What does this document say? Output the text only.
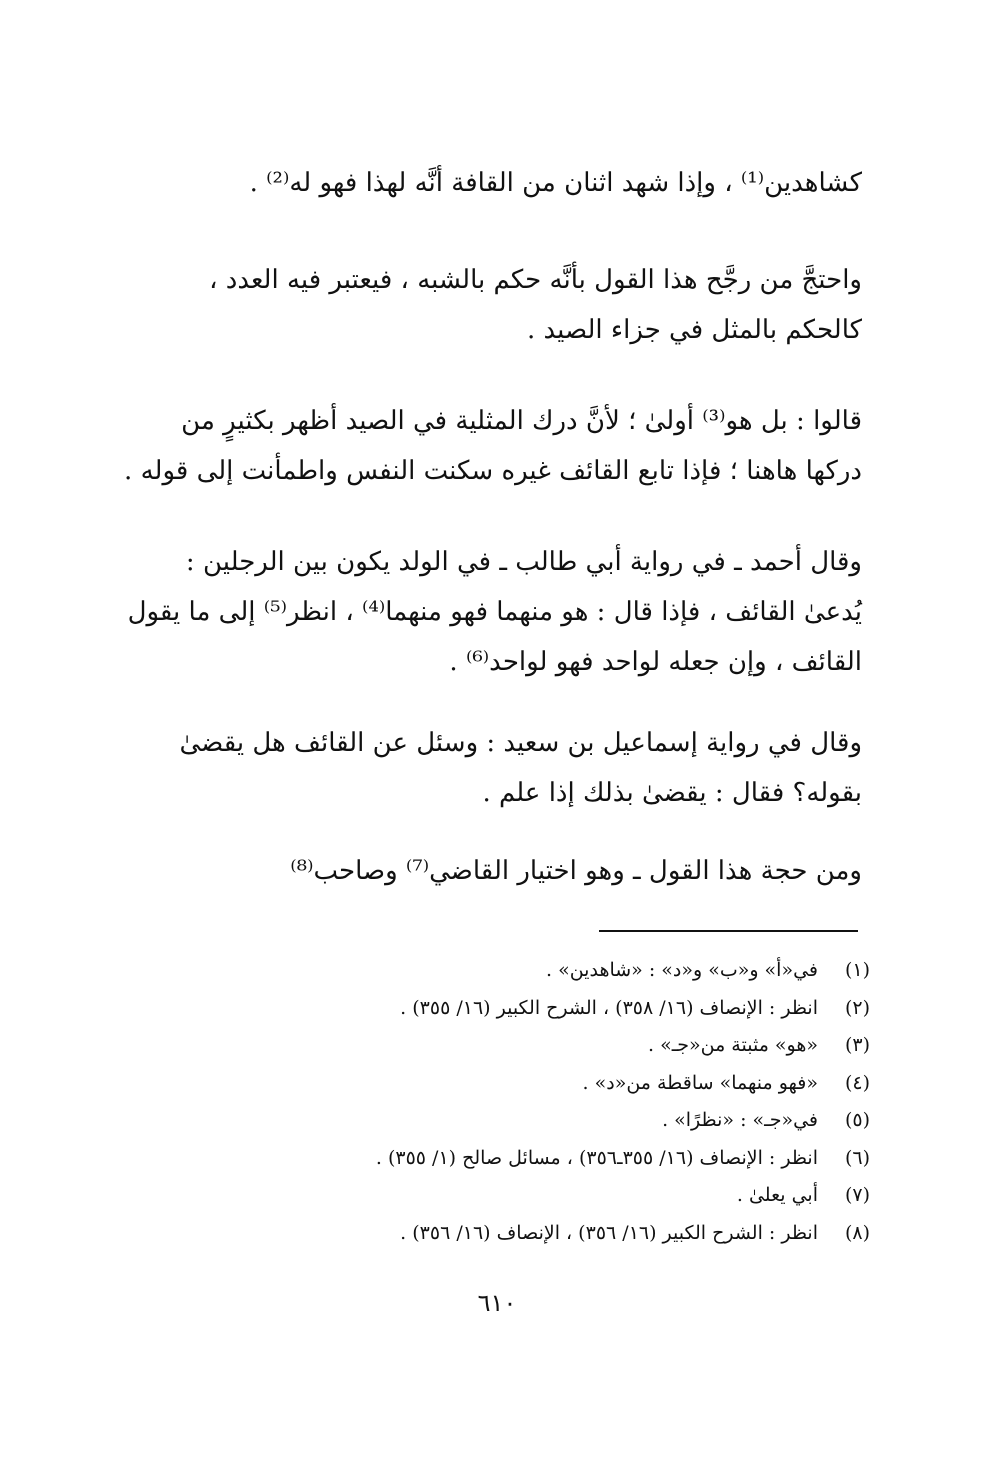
كشاهدين⁽¹⁾ ، وإذا شهد اثنان من القافة أنَّه لهذا فهو له⁽²⁾ .
واحتجَّ من رجَّح هذا القول بأنَّه حكم بالشبه ، فيعتبر فيه العدد ،
كالحكم بالمثل في جزاء الصيد .
قالوا : بل هو⁽³⁾ أولىٰ ؛ لأنَّ درك المثلية في الصيد أظهر بكثيرٍ من
دركها هاهنا ؛ فإذا تابع القائف غيره سكنت النفس واطمأنت إلى قوله .
وقال أحمد ـ في رواية أبي طالب ـ في الولد يكون بين الرجلين :
يُدعىٰ القائف ، فإذا قال : هو منهما فهو منهما⁽⁴⁾ ، انظر⁽⁵⁾ إلى ما يقول
القائف ، وإن جعله لواحد فهو لواحد⁽⁶⁾ .
وقال في رواية إسماعيل بن سعيد : وسئل عن القائف هل يقضىٰ
بقوله؟ فقال : يقضىٰ بذلك إذا علم .
ومن حجة هذا القول ـ وهو اختيار القاضي⁽⁷⁾ وصاحب⁽⁸⁾
(١)
في«أ» و«ب» و«د» : «شاهدين» .
(٢)
انظر : الإنصاف (١٦/ ٣٥٨) ، الشرح الكبير (١٦/ ٣٥٥) .
(٣)
«هو» مثبتة من«جـ» .
(٤)
«فهو منهما» ساقطة من«د» .
(٥)
في«جـ» : «نظرًا» .
(٦)
انظر : الإنصاف (١٦/ ٣٥٥ـ٣٥٦) ، مسائل صالح (١/ ٣٥٥) .
(٧)
أبي يعلىٰ .
(٨)
انظر : الشرح الكبير (١٦/ ٣٥٦) ، الإنصاف (١٦/ ٣٥٦) .
٦١٠
